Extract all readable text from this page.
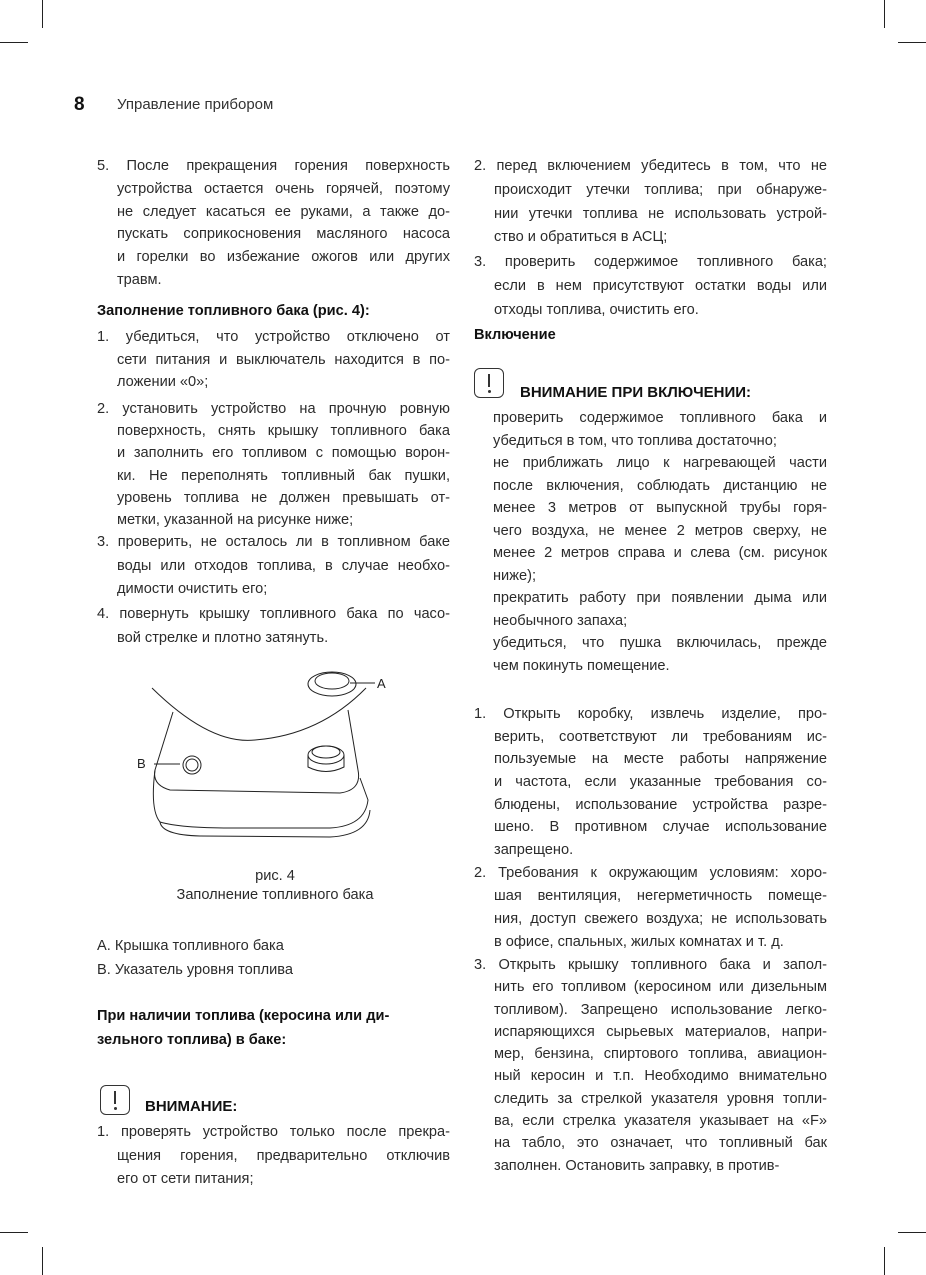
8 Управление прибором
5. После прекращения горения поверхность
устройства остается очень горячей, поэтому
не следует касаться ее руками, а также до-
пускать соприкосновения масляного насоса
и горелки во избежание ожогов или других
травм.
1. убедиться, что устройство отключено от
сети питания и выключатель находится в по-
ложении «0»;
2. установить устройство на прочную ровную
поверхность, снять крышку топливного бака
и заполнить его топливом с помощью ворон-
ки. Не переполнять топливный бак пушки,
уровень топлива не должен превышать от-
метки, указанной на рисунке ниже;
3. проверить, не осталось ли в топливном баке
воды или отходов топлива, в случае необхо-
димости очистить его;
4. повернуть крышку топливного бака по часо-
вой стрелке и плотно затянуть.
1. проверять устройство только после прекра-
щения горения, предварительно отключив
его от сети питания;
2. перед включением убедитесь в том, что не
происходит утечки топлива; при обнаруже-
нии утечки топлива не использовать устрой-
ство и обратиться в АСЦ;
3. проверить содержимое топливного бака;
если в нем присутствуют остатки воды или
отходы топлива, очистить его.
проверить содержимое топливного бака и
убедиться в том, что топлива достаточно;
не приближать лицо к нагревающей части
после включения, соблюдать дистанцию не
менее 3 метров от выпускной трубы горя-
чего воздуха, не менее 2 метров сверху, не
менее 2 метров справа и слева (см. рисунок
ниже);
прекратить работу при появлении дыма или
необычного запаха;
убедиться, что пушка включилась, прежде
чем покинуть помещение.
1. Открыть коробку, извлечь изделие, про-
верить, соответствуют ли требованиям ис-
пользуемые на месте работы напряжение
и частота, если указанные требования со-
блюдены, использование устройства разре-
шено. В противном случае использование
запрещено.
2. Требования к окружающим условиям: хоро-
шая вентиляция, негерметичность помеще-
ния, доступ свежего воздуха; не использовать
в офисе, спальных, жилых комнатах и т. д.
3. Открыть крышку топливного бака и запол-
нить его топливом (керосином или дизельным
топливом). Запрещено использование легко-
испаряющихся сырьевых материалов, напри-
мер, бензина, спиртового топлива, авиацион-
ный керосин и т.п. Необходимо внимательно
следить за стрелкой указателя уровня топли-
ва, если стрелка указателя указывает на «F»
на табло, это означает, что топливный бак
заполнен. Остановить заправку, в против-
Заполнение топливного бака (рис. 4):
A
B
рис. 4
Заполнение топливного бака
A. Крышка топливного бака
B. Указатель уровня топлива
При наличии топлива (керосина или ди-
зельного топлива) в баке:
ВНИМАНИЕ:
Включение
ВНИМАНИЕ ПРИ ВКЛЮЧЕНИИ:
